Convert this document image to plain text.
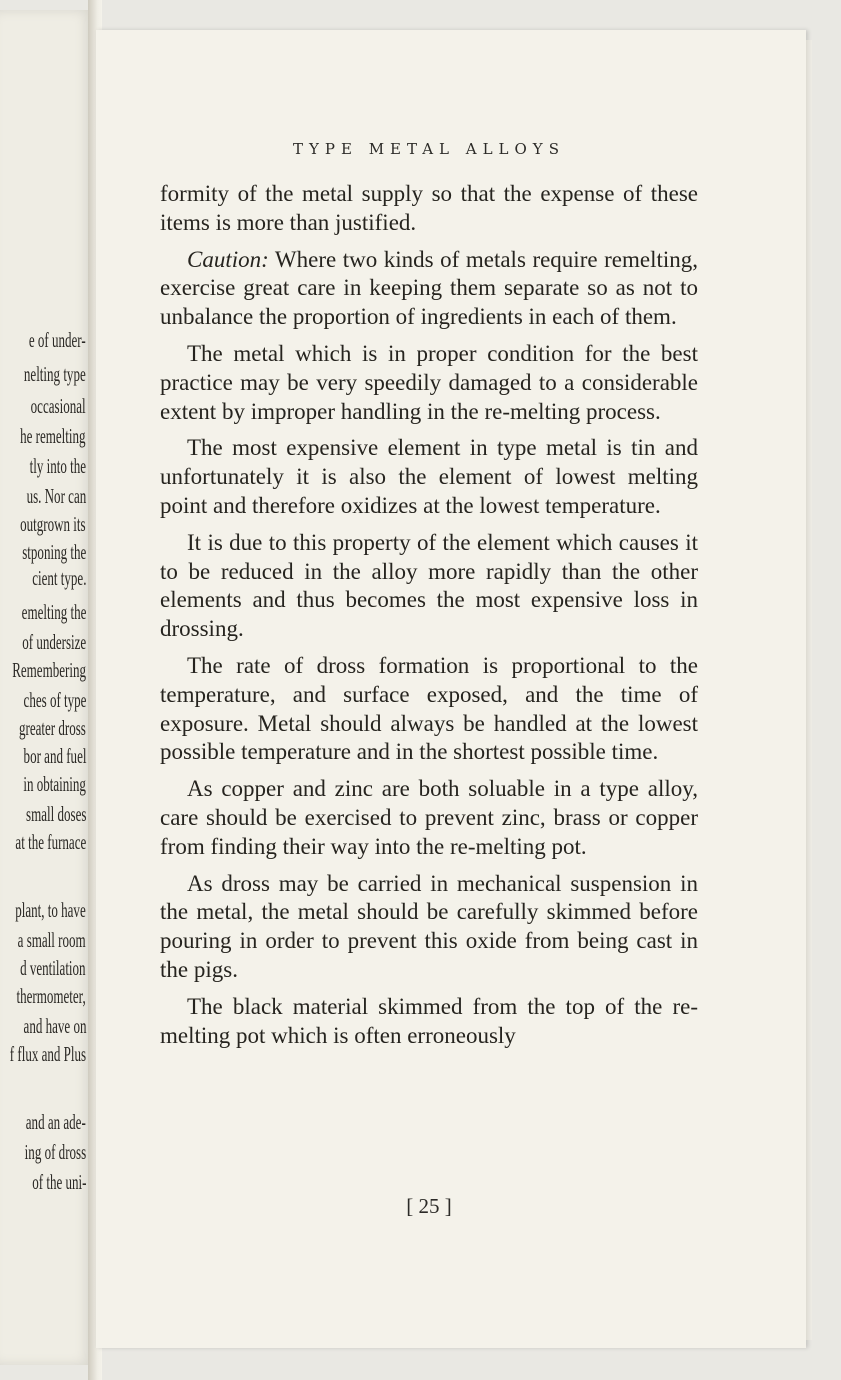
e of under-
nelting type
occasional
he remelting
tly into the
us. Nor can
outgrown its
stponing the
cient type.
emelting the
of undersize
Remembering
ches of type
greater dross
bor and fuel
in obtaining
small doses
at the furnace
plant, to have
a small room
d ventilation
thermometer,
and have on
f flux and Plus
and an ade-
ing of dross
of the uni-
TYPE METAL ALLOYS

formity of the metal supply so that the expense of these items is more than justified.

Caution: Where two kinds of metals require remelting, exercise great care in keeping them separate so as not to unbalance the proportion of ingredients in each of them.

The metal which is in proper condition for the best practice may be very speedily damaged to a considerable extent by improper handling in the re-melting process.

The most expensive element in type metal is tin and unfortunately it is also the element of lowest melting point and therefore oxidizes at the lowest temperature.

It is due to this property of the element which causes it to be reduced in the alloy more rapidly than the other elements and thus becomes the most expensive loss in drossing.

The rate of dross formation is proportional to the temperature, and surface exposed, and the time of exposure. Metal should always be handled at the lowest possible temperature and in the shortest possible time.

As copper and zinc are both soluable in a type alloy, care should be exercised to prevent zinc, brass or copper from finding their way into the re-melting pot.

As dross may be carried in mechanical suspension in the metal, the metal should be carefully skimmed before pouring in order to prevent this oxide from being cast in the pigs.

The black material skimmed from the top of the re-melting pot which is often erroneously

[ 25 ]
